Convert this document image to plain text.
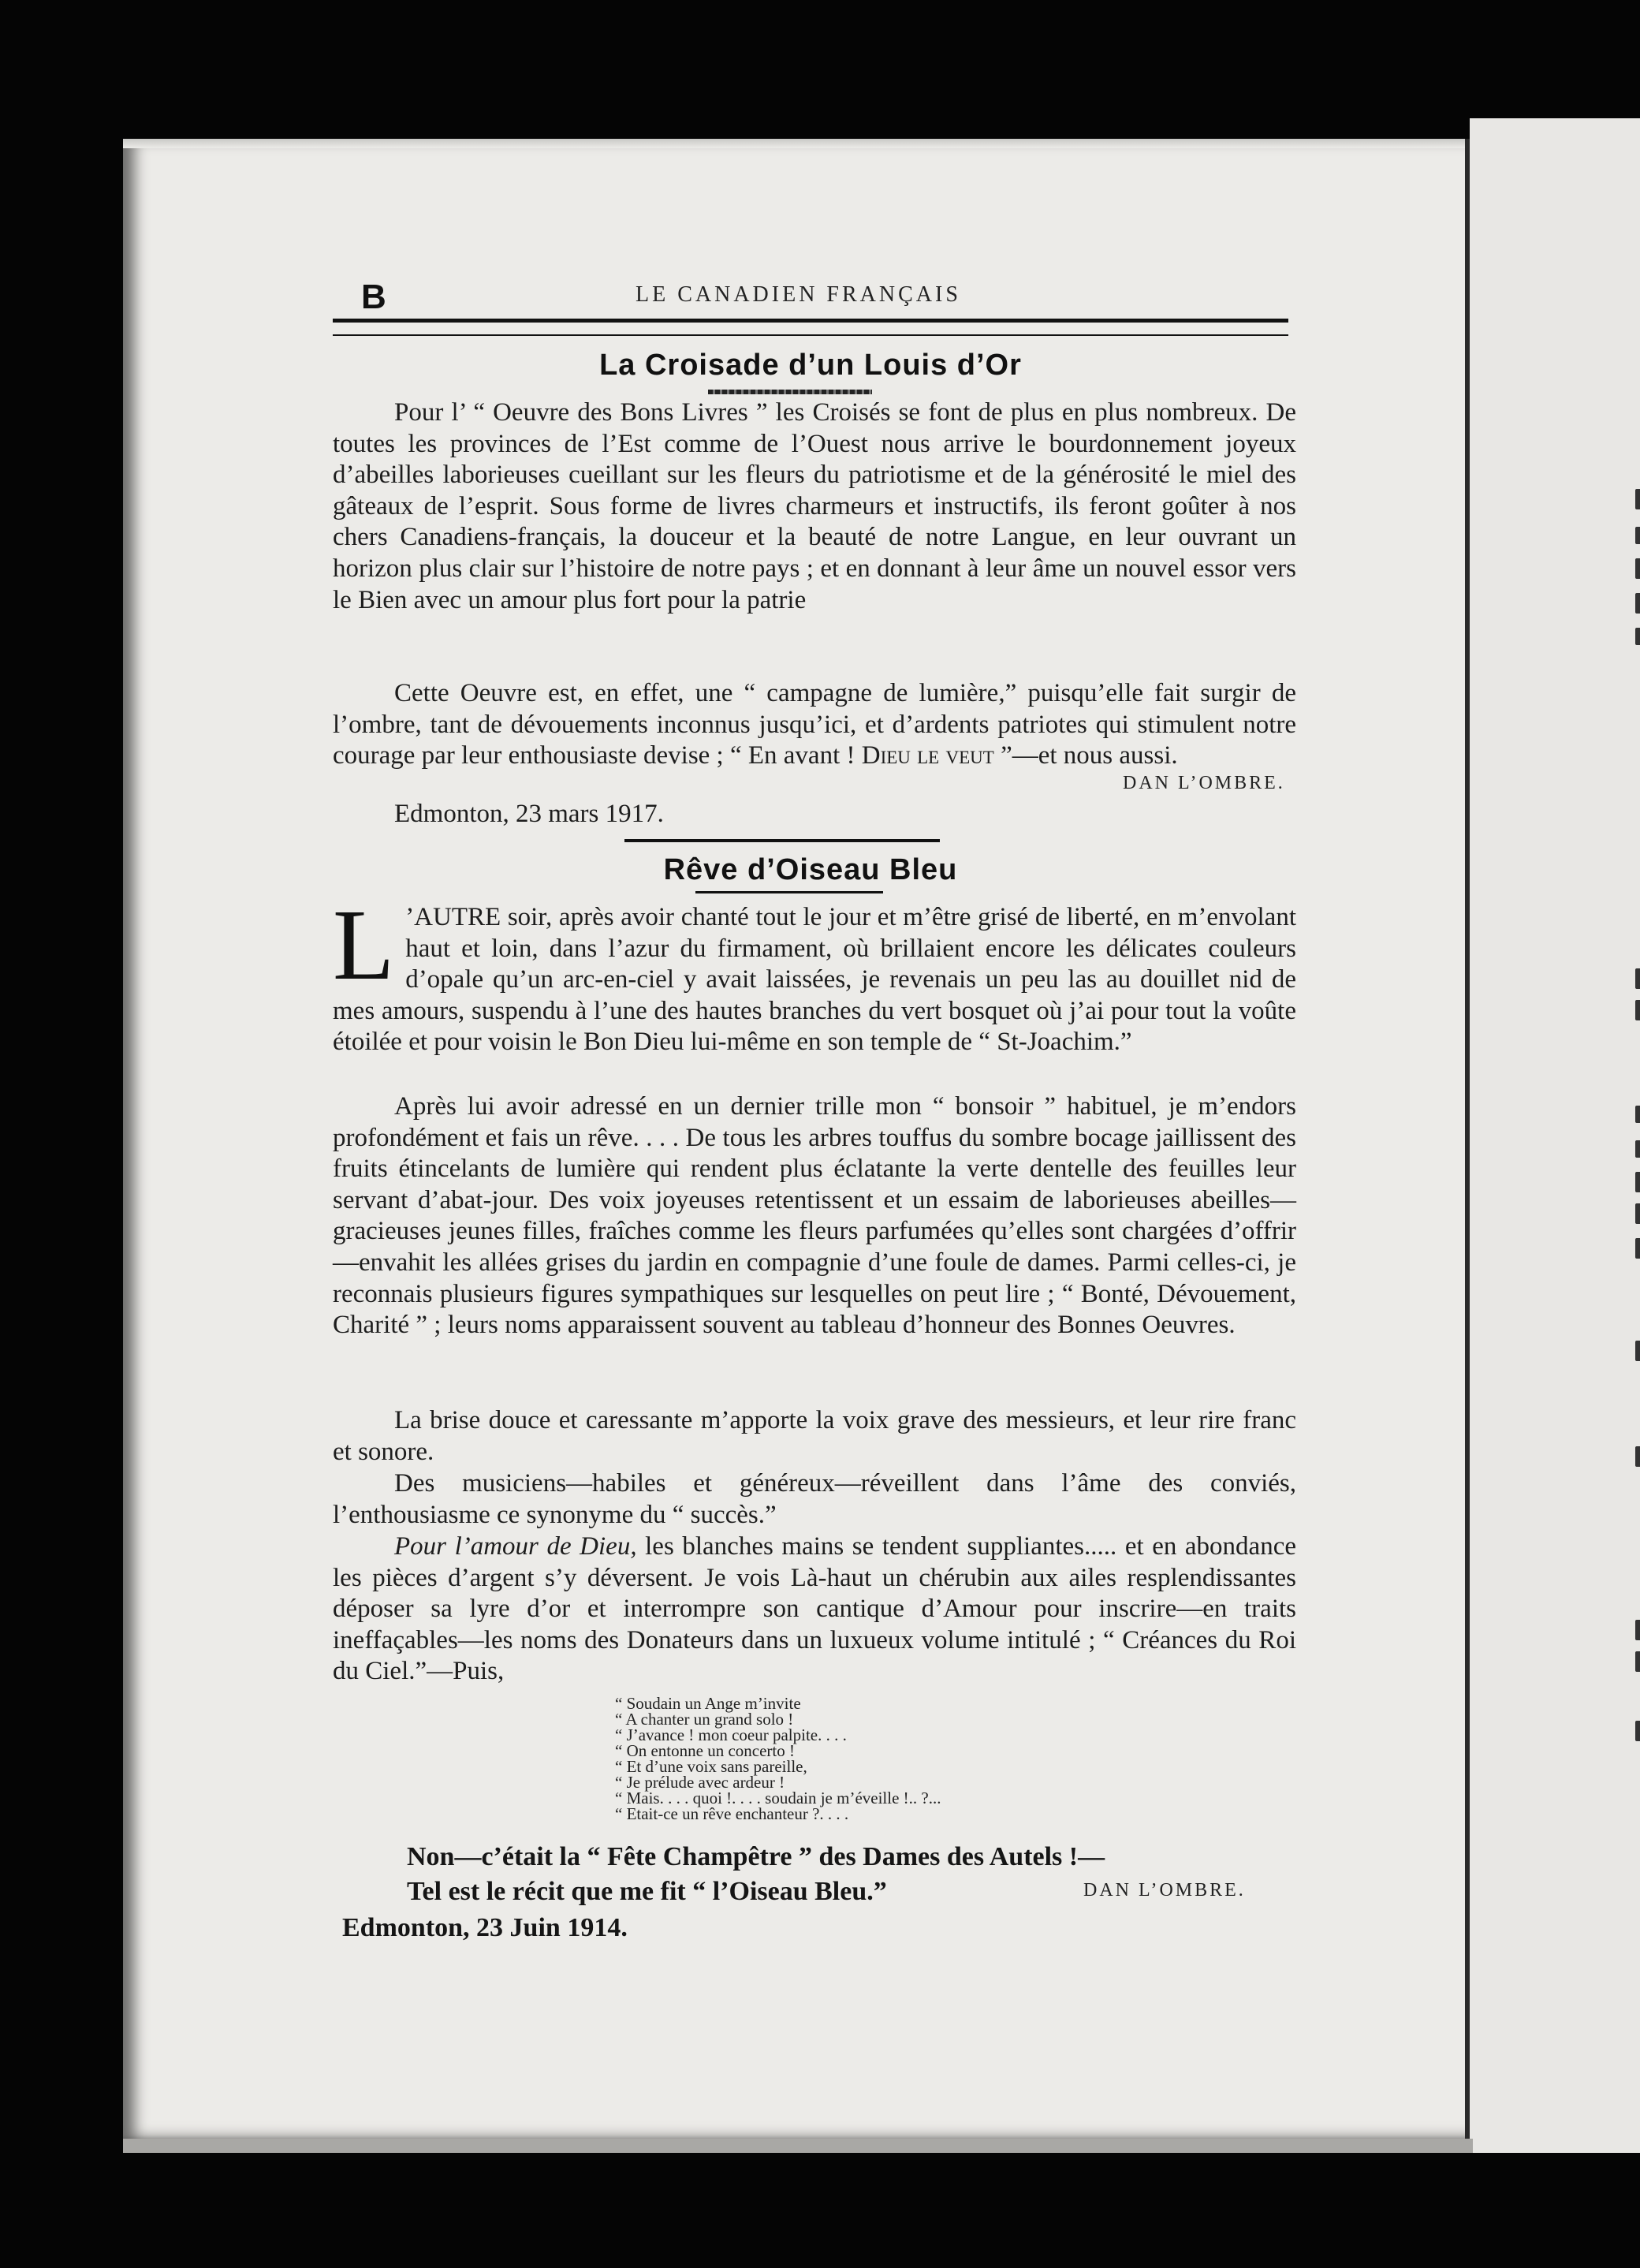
B	LE CANADIEN FRANÇAIS
La Croisade d’un Louis d’Or
Pour l’ “ Oeuvre des Bons Livres ” les Croisés se font de plus en plus nombreux. De toutes les provinces de l’Est comme de l’Ouest nous arrive le bourdonnement joyeux d’abeilles laborieuses cueillant sur les fleurs du patriotisme et de la générosité le miel des gâteaux de l’esprit. Sous forme de livres charmeurs et instructifs, ils feront goûter à nos chers Canadiens-français, la douceur et la beauté de notre Langue, en leur ouvrant un horizon plus clair sur l’histoire de notre pays ; et en donnant à leur âme un nouvel essor vers le Bien avec un amour plus fort pour la patrie
Cette Oeuvre est, en effet, une “ campagne de lumière,” puisqu’elle fait surgir de l’ombre, tant de dévouements inconnus jusqu’ici, et d’ardents patriotes qui stimulent notre courage par leur enthousiaste devise ; “ En avant ! Dieu le veut ”—et nous aussi.
DAN L’OMBRE.
Edmonton, 23 mars 1917.
Rêve d’Oiseau Bleu
L ’AUTRE soir, après avoir chanté tout le jour et m’être grisé de liberté, en m’envolant haut et loin, dans l’azur du firmament, où brillaient encore les délicates couleurs d’opale qu’un arc-en-ciel y avait laissées, je revenais un peu las au douillet nid de mes amours, suspendu à l’une des hautes branches du vert bosquet où j’ai pour tout la voûte étoilée et pour voisin le Bon Dieu lui-même en son temple de “ St-Joachim.”
Après lui avoir adressé en un dernier trille mon “ bonsoir ” habituel, je m’endors profondément et fais un rêve. . . . De tous les arbres touffus du sombre bocage jaillissent des fruits étincelants de lumière qui rendent plus éclatante la verte dentelle des feuilles leur servant d’abat-jour. Des voix joyeuses retentissent et un essaim de laborieuses abeilles—gracieuses jeunes filles, fraîches comme les fleurs parfumées qu’elles sont chargées d’offrir—envahit les allées grises du jardin en compagnie d’une foule de dames. Parmi celles-ci, je reconnais plusieurs figures sympathiques sur lesquelles on peut lire ; “ Bonté, Dévouement, Charité ” ; leurs noms apparaissent souvent au tableau d’honneur des Bonnes Oeuvres.
La brise douce et caressante m’apporte la voix grave des messieurs, et leur rire franc et sonore.
Des musiciens—habiles et généreux—réveillent dans l’âme des conviés, l’enthousiasme ce synonyme du “ succès.”
Pour l’amour de Dieu, les blanches mains se tendent suppliantes..... et en abondance les pièces d’argent s’y déversent. Je vois Là-haut un chérubin aux ailes resplendissantes déposer sa lyre d’or et interrompre son cantique d’Amour pour inscrire—en traits ineffaçables—les noms des Donateurs dans un luxueux volume intitulé ; “ Créances du Roi du Ciel.”—Puis,
“ Soudain un Ange m’invite
“ A chanter un grand solo !
“ J’avance ! mon coeur palpite. . . .
“ On entonne un concerto !
“ Et d’une voix sans pareille,
“ Je prélude avec ardeur !
“ Mais. . . . quoi !. . . . soudain je m’éveille !.. ?...
“ Etait-ce un rêve enchanteur ?. . . .
Non—c’était la “ Fête Champêtre ” des Dames des Autels !—
Tel est le récit que me fit “ l’Oiseau Bleu.”	DAN L’OMBRE.
Edmonton, 23 Juin 1914.
